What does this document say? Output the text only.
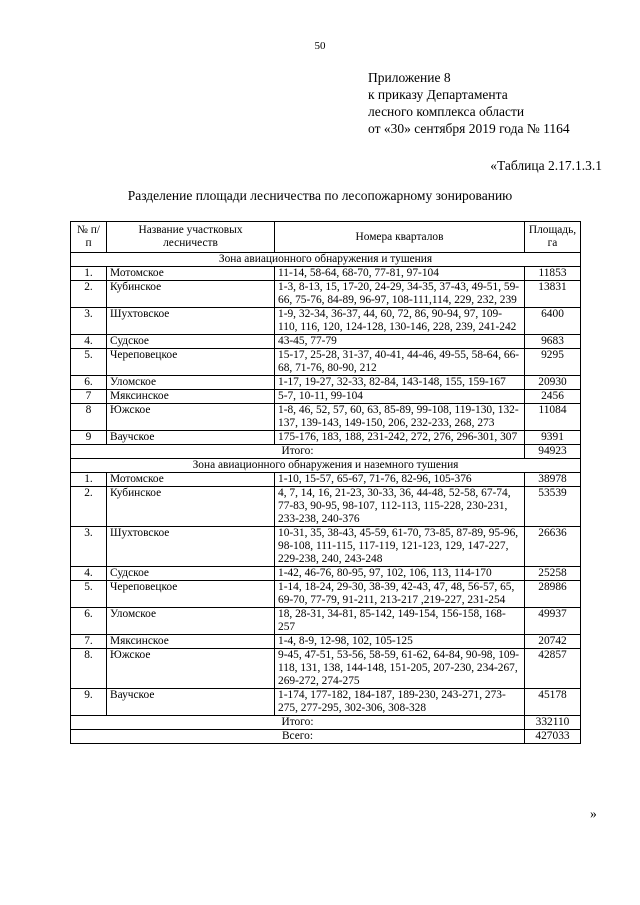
50
Приложение 8
к приказу Департамента
лесного комплекса области
от «30» сентября 2019 года № 1164
«Таблица 2.17.1.3.1
Разделение площади лесничества по лесопожарному зонированию
№ п/п	Название участковых лесничеств	Номера кварталов	Площадь, га
Зона авиационного обнаружения и тушения			
1.	Мотомское	11-14, 58-64, 68-70, 77-81, 97-104	11853
2.	Кубинское	1-3, 8-13, 15, 17-20, 24-29, 34-35, 37-43, 49-51, 59-66, 75-76, 84-89, 96-97, 108-111,114, 229, 232, 239	13831
3.	Шухтовское	1-9, 32-34, 36-37, 44, 60, 72, 86, 90-94, 97, 109-110, 116, 120, 124-128, 130-146, 228, 239, 241-242	6400
4.	Судское	43-45, 77-79	9683
5.	Череповецкое	15-17, 25-28, 31-37, 40-41, 44-46, 49-55, 58-64, 66-68, 71-76, 80-90, 212	9295
6.	Уломское	1-17, 19-27, 32-33, 82-84, 143-148, 155, 159-167	20930
7	Мяксинское	5-7, 10-11, 99-104	2456
8	Южское	1-8, 46, 52, 57, 60, 63, 85-89, 99-108, 119-130, 132-137, 139-143, 149-150, 206, 232-233, 268, 273	11084
9	Ваучское	175-176, 183, 188, 231-242, 272, 276, 296-301, 307	9391
Итого:			94923
Зона авиационного обнаружения и наземного тушения			
1.	Мотомское	1-10, 15-57, 65-67, 71-76, 82-96, 105-376	38978
2.	Кубинское	4, 7, 14, 16, 21-23, 30-33, 36, 44-48, 52-58, 67-74, 77-83, 90-95, 98-107, 112-113, 115-228, 230-231, 233-238, 240-376	53539
3.	Шухтовское	10-31, 35, 38-43, 45-59, 61-70, 73-85, 87-89, 95-96, 98-108, 111-115, 117-119, 121-123, 129, 147-227, 229-238, 240, 243-248	26636
4.	Судское	1-42, 46-76, 80-95, 97, 102, 106, 113, 114-170	25258
5.	Череповецкое	1-14, 18-24, 29-30, 38-39, 42-43, 47, 48, 56-57, 65, 69-70, 77-79, 91-211, 213-217 ,219-227, 231-254	28986
6.	Уломское	18, 28-31, 34-81, 85-142, 149-154, 156-158, 168-257	49937
7.	Мяксинское	1-4, 8-9, 12-98, 102, 105-125	20742
8.	Южское	9-45, 47-51, 53-56, 58-59, 61-62, 64-84, 90-98, 109-118, 131, 138, 144-148, 151-205, 207-230, 234-267, 269-272, 274-275	42857
9.	Ваучское	1-174, 177-182, 184-187, 189-230, 243-271, 273-275, 277-295, 302-306, 308-328	45178
Итого:			332110
Всего:			427033
»
